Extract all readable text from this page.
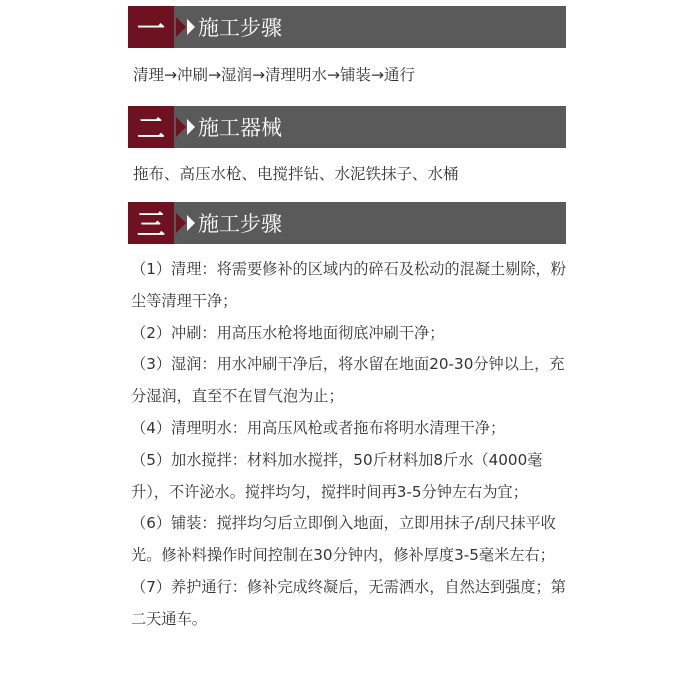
一	施工步骤
清理→冲刷→湿润→清理明水→铺装→通行
二	施工器械
拖布、高压水枪、电搅拌钻、水泥铁抹子、水桶
三	施工步骤

（1）清理：将需要修补的区域内的碎石及松动的混凝土剔除，粉尘等清理干净；

（2）冲刷：用高压水枪将地面彻底冲刷干净；

（3）湿润：用水冲刷干净后，将水留在地面20-30分钟以上，充分湿润，直至不在冒气泡为止；

（4）清理明水：用高压风枪或者拖布将明水清理干净；

（5）加水搅拌：材料加水搅拌，50斤材料加8斤水（4000毫升），不许泌水。搅拌均匀，搅拌时间再3-5分钟左右为宜；

（6）铺装：搅拌均匀后立即倒入地面，立即用抹子/刮尺抹平收光。修补料操作时间控制在30分钟内，修补厚度3-5毫米左右；

（7）养护通行：修补完成终凝后，无需洒水，自然达到强度；第二天通车。
